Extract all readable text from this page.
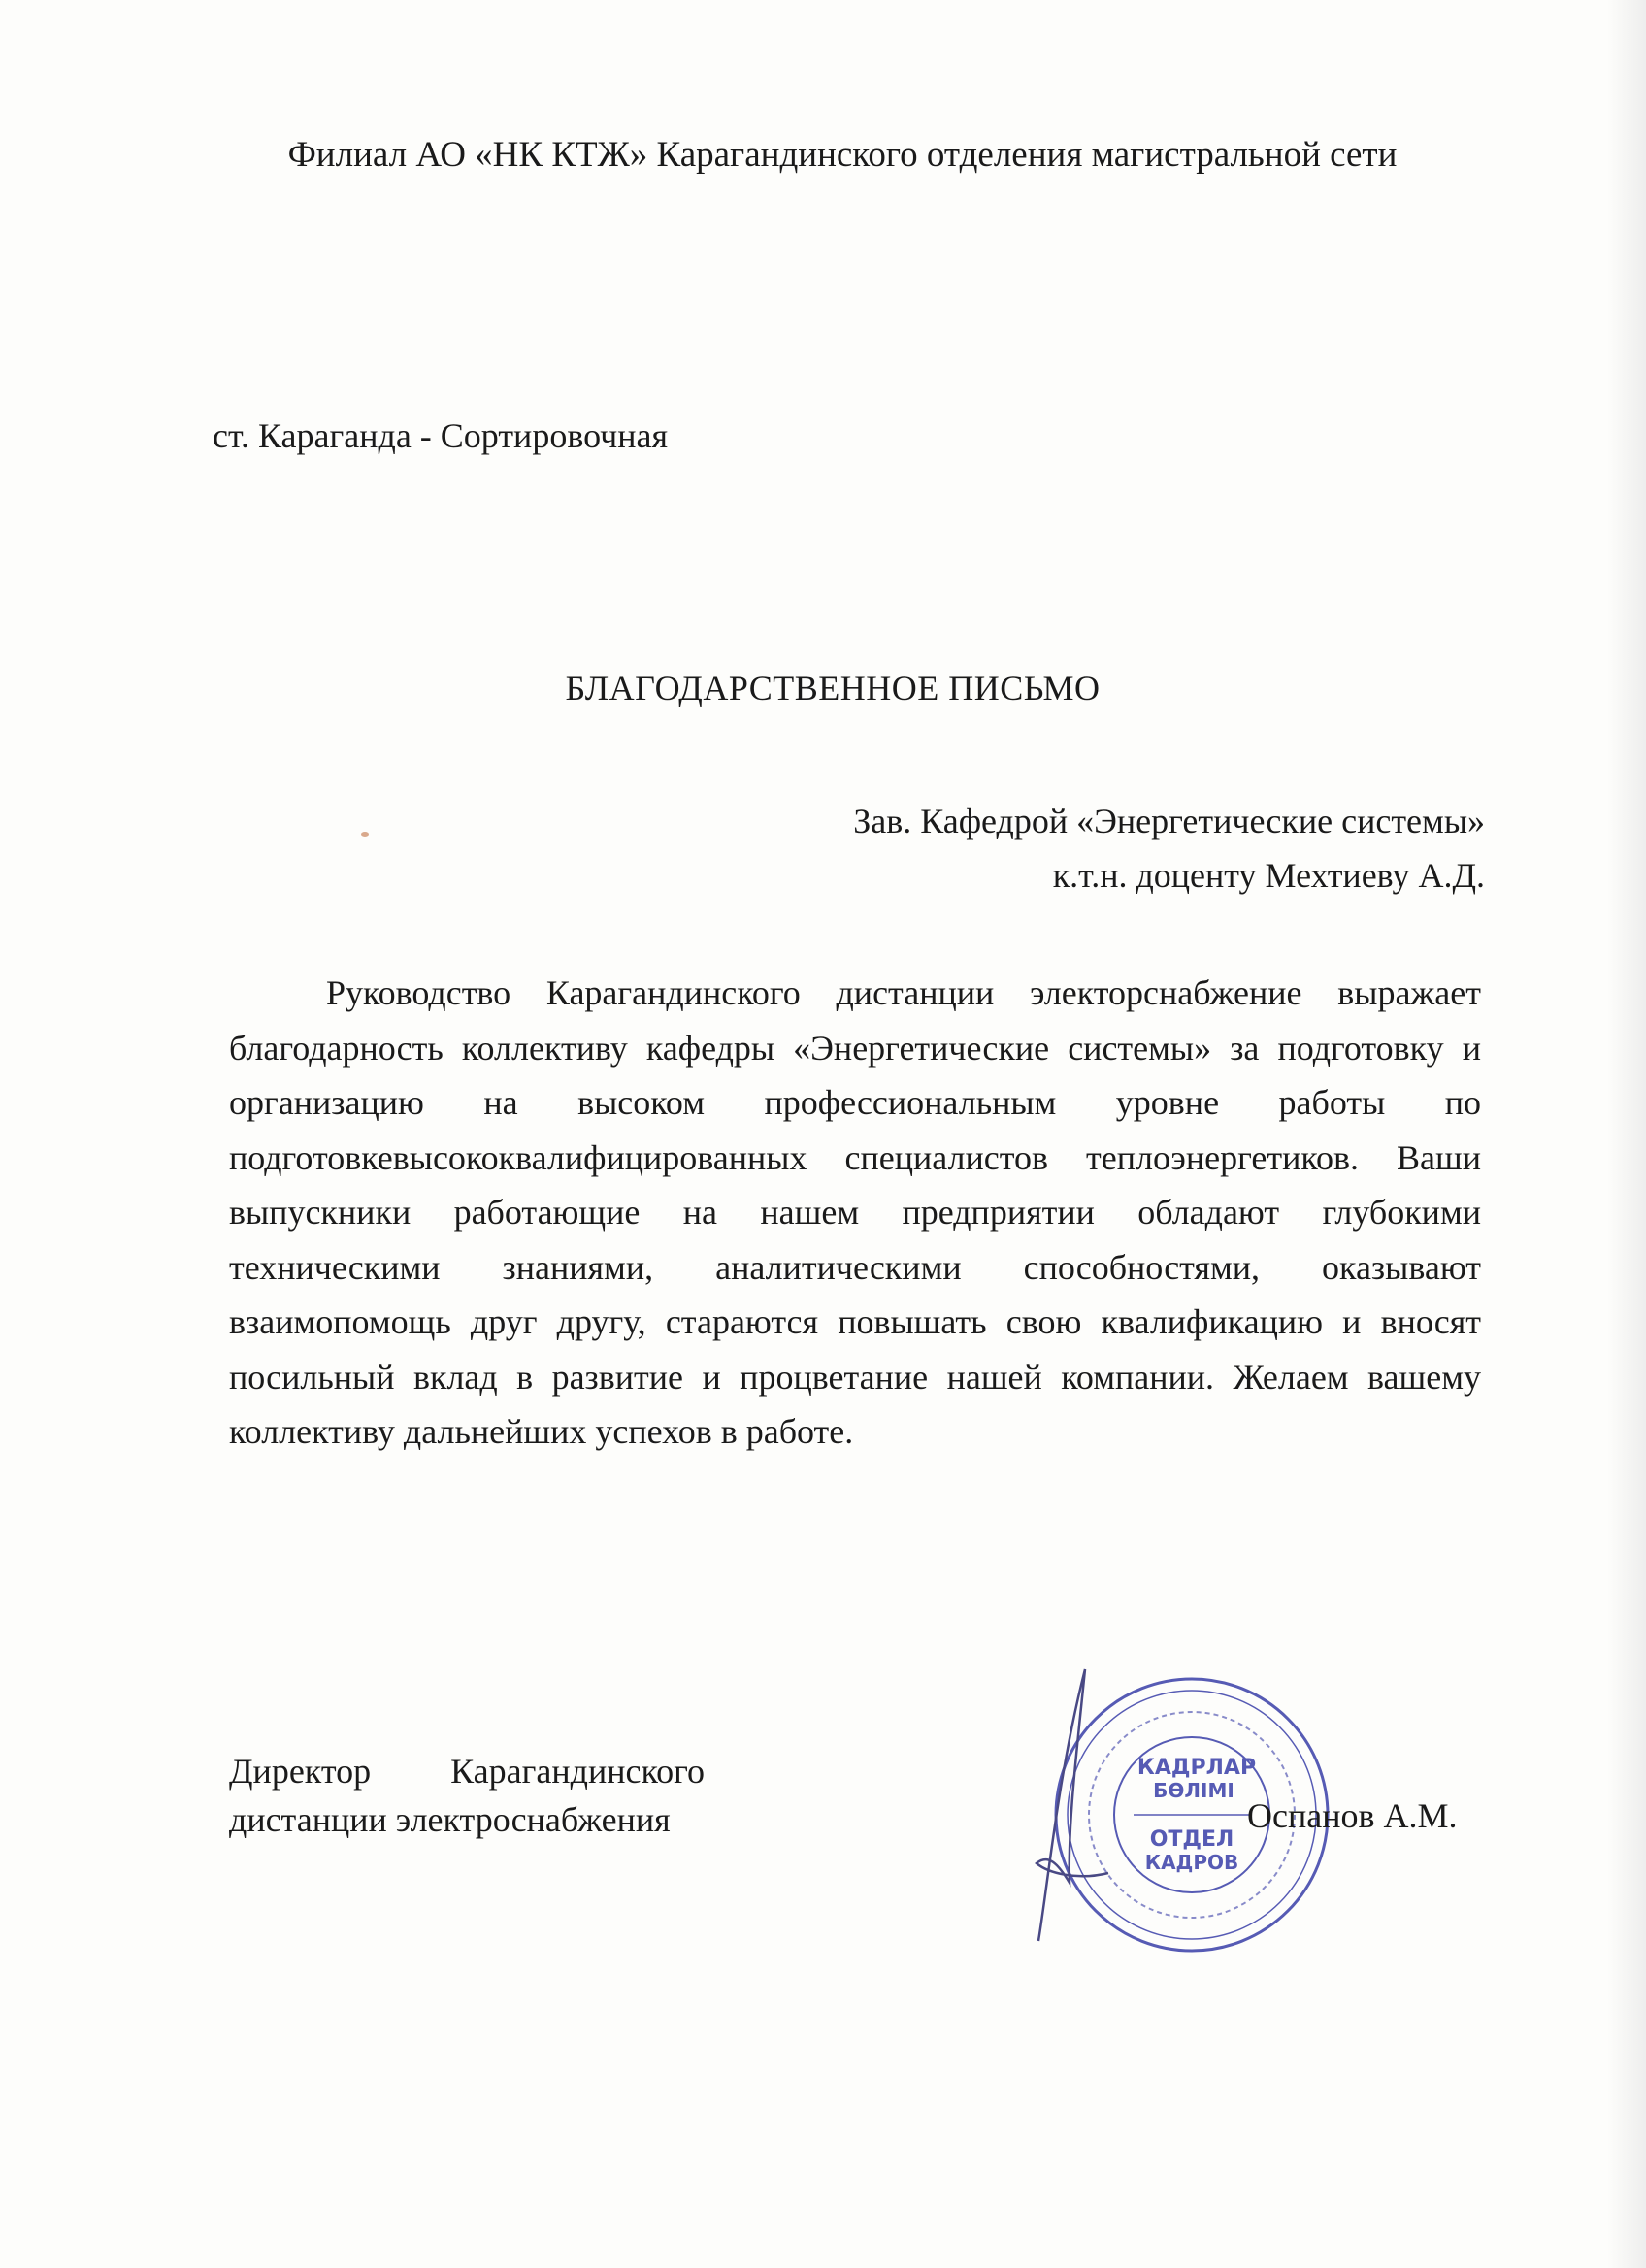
Филиал АО «НК КТЖ» Карагандинского отделения магистральной сети
ст. Караганда - Сортировочная
БЛАГОДАРСТВЕННОЕ ПИСЬМО
Зав. Кафедрой «Энергетические системы»
к.т.н. доценту Мехтиеву А.Д.

Руководство Карагандинского дистанции электорснабжение выражает благодарность коллективу кафедры «Энергетические системы» за подготовку и организацию на высоком профессиональным уровне работы по подготовкевысококвалифицированных специалистов теплоэнергетиков. Ваши выпускники работающие на нашем предприятии обладают глубокими техническими знаниями, аналитическими способностями, оказывают взаимопомощь друг другу, стараются повышать свою квалификацию и вносят посильный вклад в развитие и процветание нашей компании. Желаем вашему коллективу дальнейших успехов в работе.

Директор Карагандинского
дистанции электроснабжения
КАДРЛАР
БӨЛІМІ
ОТДЕЛ
КАДРОВ
Оспанов А.М.
